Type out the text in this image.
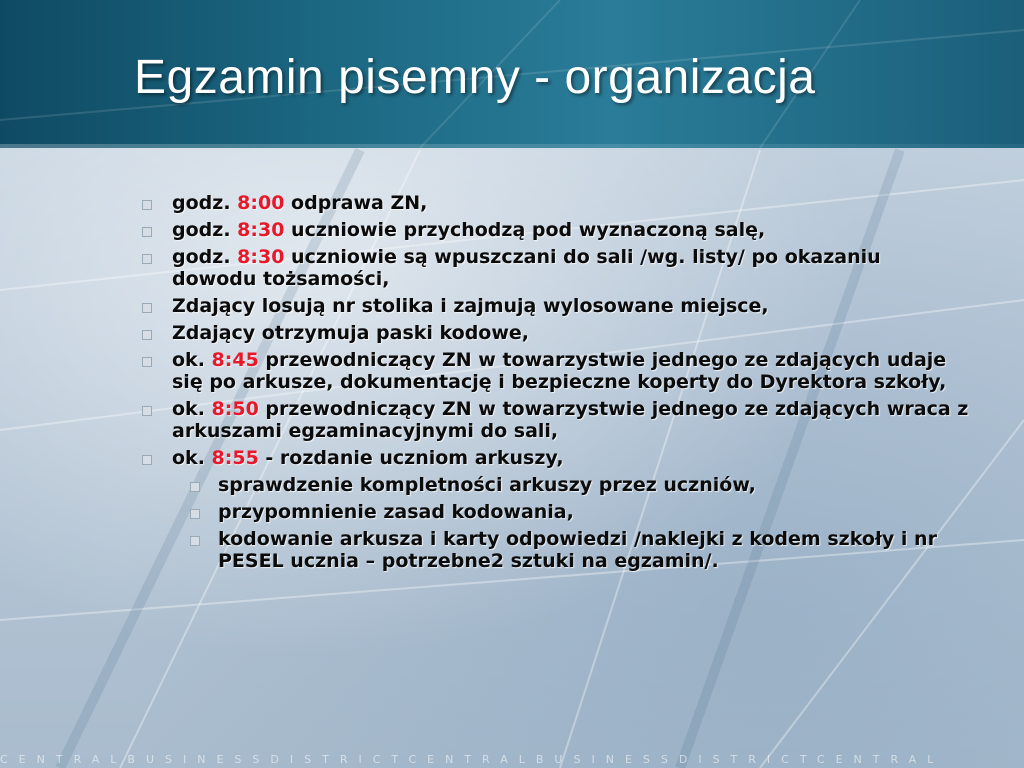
Egzamin pisemny - organizacja
godz. 8:00 odprawa ZN,
godz. 8:30 uczniowie przychodzą pod wyznaczoną salę,
godz. 8:30 uczniowie są wpuszczani do sali /wg. listy/ po okazaniu dowodu tożsamości,
Zdający losują nr stolika i zajmują wylosowane miejsce,
Zdający otrzymuja paski kodowe,
ok. 8:45 przewodniczący ZN w towarzystwie jednego ze zdających udaje się po arkusze, dokumentację i bezpieczne koperty do Dyrektora szkoły,
ok. 8:50 przewodniczący ZN w towarzystwie jednego ze zdających wraca z arkuszami egzaminacyjnymi do sali,
ok. 8:55 - rozdanie uczniom arkuszy,
sprawdzenie kompletności arkuszy przez uczniów,
przypomnienie zasad kodowania,
kodowanie arkusza i karty odpowiedzi /naklejki z kodem szkoły i nr PESEL ucznia – potrzebne2 sztuki na egzamin/.
CENTRALBUSINESSDISTRICTCENTRALBUSINESSDISTRICTCENTRAL
